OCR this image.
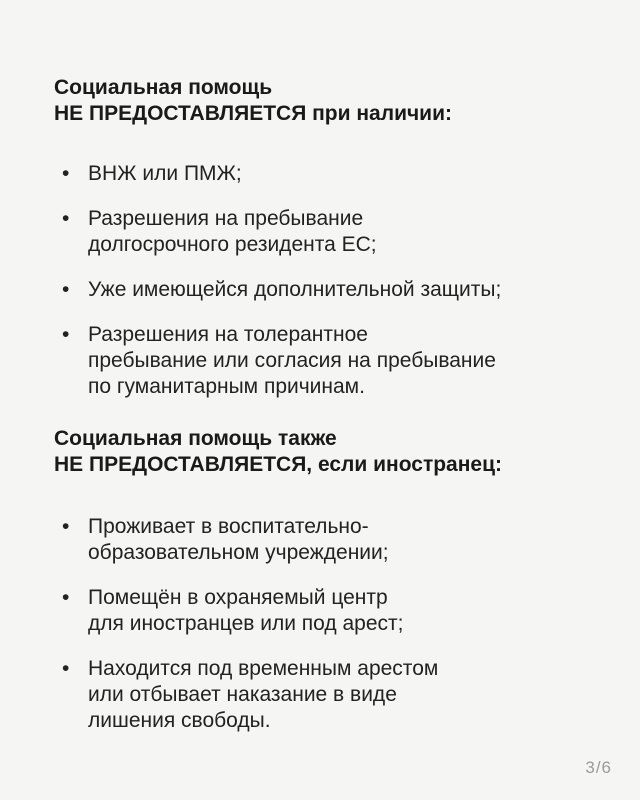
Социальная помощь
НЕ ПРЕДОСТАВЛЯЕТСЯ при наличии:
• ВНЖ или ПМЖ;
• Разрешения на пребывание
долгосрочного резидента ЕС;
• Уже имеющейся дополнительной защиты;
• Разрешения на толерантное
пребывание или согласия на пребывание
по гуманитарным причинам.
Социальная помощь также
НЕ ПРЕДОСТАВЛЯЕТСЯ, если иностранец:
• Проживает в воспитательно-
образовательном учреждении;
• Помещён в охраняемый центр
для иностранцев или под арест;
• Находится под временным арестом
или отбывает наказание в виде
лишения свободы.
3/6
